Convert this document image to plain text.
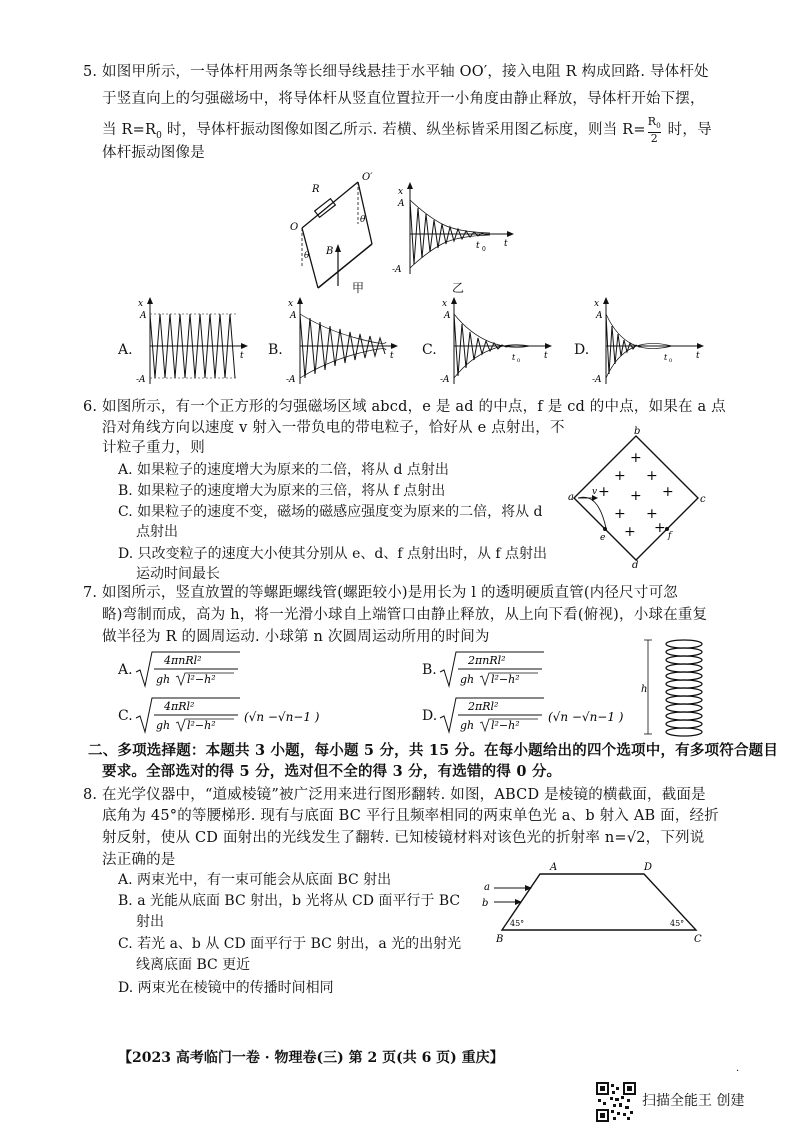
5. 如图甲所示，一导体杆用两条等长细导线悬挂于水平轴 OO′，接入电阻 R 构成回路. 导体杆处
于竖直向上的匀强磁场中，将导体杆从竖直位置拉开一小角度由静止释放，导体杆开始下摆，
当 $R=R_0$ 时，导体杆振动图像如图乙所示. 若横、纵坐标皆采用图乙标度，则当 $R= \frac{R_0}{2}$ 时，导
体杆振动图像是
O
O′
R
B
θ
θ
甲
x
A
-A
t 0
t
乙
A.
x
A
-A
t B.
x
A
-A
t C.
x
A
-A
t 0	t D.
x
A
-A
t 0	t
6. 如图所示，有一个正方形的匀强磁场区域 abcd，e 是 ad 的中点，f 是 cd 的中点，如果在 a 点
沿对角线方向以速度 v 射入一带负电的带电粒子，恰好从 e 点射出，不
计粒子重力，则
A. 如果粒子的速度增大为原来的二倍，将从 d 点射出
B. 如果粒子的速度增大为原来的三倍，将从 f 点射出
C. 如果粒子的速度不变，磁场的磁感应强度变为原来的二倍，将从 d
点射出
D. 只改变粒子的速度大小使其分别从 e、d、f 点射出时，从 f 点射出
运动时间最长
b
c
d
a
e	f
v
+
+ +
+ + +
+ +
+ +
7. 如图所示，竖直放置的等螺距螺线管(螺距较小)是用长为 l 的透明硬质直管(内径尺寸可忽
略)弯制而成，高为 h，将一光滑小球自上端管口由静止释放，从上向下看(俯视)，小球在重复
做半径为 R 的圆周运动. 小球第 n 次圆周运动所用的时间为
A.
4πnRl²
gh l²−h²
B.
2πnRl²
gh l²−h²
C.
4πRl²
gh l²−h²
(√n −√n−1 )	D.
2πRl²
gh l²−h²
(√n −√n−1 )
h
二、多项选择题：本题共 3 小题，每小题 5 分，共 15 分。在每小题给出的四个选项中，有多项符合题目
要求。全部选对的得 5 分，选对但不全的得 3 分，有选错的得 0 分。
8. 在光学仪器中，“道威棱镜”被广泛用来进行图形翻转. 如图，ABCD 是棱镜的横截面，截面是
底角为 45°的等腰梯形. 现有与底面 BC 平行且频率相同的两束单色光 a、b 射入 AB 面，经折
射反射，使从 CD 面射出的光线发生了翻转. 已知棱镜材料对该色光的折射率 n=√2，下列说
法正确的是
A. 两束光中，有一束可能会从底面 BC 射出
B. a 光能从底面 BC 射出，b 光将从 CD 面平行于 BC
射出
C. 若光 a、b 从 CD 面平行于 BC 射出，a 光的出射光
线离底面 BC 更近
D. 两束光在棱镜中的传播时间相同
A	D
B	C
45°	45°
a
b
【2023 高考临门一卷 · 物理卷(三) 第 2 页(共 6 页) 重庆】
·
扫描全能王 创建
